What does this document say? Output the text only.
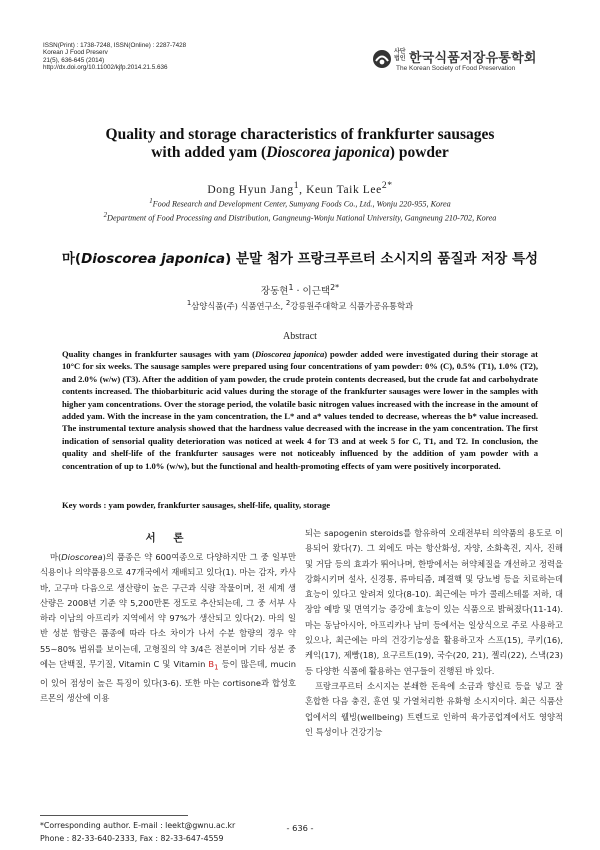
ISSN(Print) : 1738-7248, ISSN(Online) : 2287-7428
Korean J Food Preserv
21(5), 636-645 (2014)
http://dx.doi.org/10.11002/kjfp.2014.21.5.636
사단
법인 한국식품저장유통학회
The Korean Society of Food Preservation
Quality and storage characteristics of frankfurter sausages
with added yam (Dioscorea japonica) powder
Dong Hyun Jang$^1$, Keun Taik Lee$^{2*}$
$^1$Food Research and Development Center, Sumyang Foods Co., Ltd., Wonju 220-955, Korea
$^2$Department of Food Processing and Distribution, Gangneung-Wonju National University, Gangneung 210-702, Korea
마(Dioscorea japonica) 분말 첨가 프랑크푸르터 소시지의 품질과 저장 특성
장동현$^1$ · 이근택$^{2*}$
$^1$삼양식품(주) 식품연구소, $^2$강릉원주대학교 식품가공유통학과
Abstract
Quality changes in frankfurter sausages with yam (Dioscorea japonica) powder added were investigated during their storage at 10°C for six weeks. The sausage samples were prepared using four concentrations of yam powder: 0% (C), 0.5% (T1), 1.0% (T2), and 2.0% (w/w) (T3). After the addition of yam powder, the crude protein contents decreased, but the crude fat and carbohydrate contents increased. The thiobarbituric acid values during the storage of the frankfurter sausages were lower in the samples with higher yam concentrations. Over the storage period, the volatile basic nitrogen values increased with the increase in the amount of added yam. With the increase in the yam concentration, the L* and a* values tended to decrease, whereas the b* value increased. The instrumental texture analysis showed that the hardness value decreased with the increase in the yam concentration. The first indication of sensorial quality deterioration was noticed at week 4 for T3 and at week 5 for C, T1, and T2. In conclusion, the quality and shelf-life of the frankfurter sausages were not noticeably influenced by the addition of yam powder with a concentration of up to 1.0% (w/w), but the functional and health-promoting effects of yam were positively incorporated.
Key words : yam powder, frankfurter sausages, shelf-life, quality, storage
서 론
마(Dioscorea)의 품종은 약 600여종으로 다양하지만 그 중 일부만 식용이나 의약품용으로 47개국에서 재배되고 있다(1). 마는 감자, 카사바, 고구마 다음으로 생산량이 높은 구근과 식량 작물이며, 전 세계 생산량은 2008년 기준 약 5,200만톤 정도로 추산되는데, 그 중 서부 사하라 이남의 아프리카 지역에서 약 97%가 생산되고 있다(2). 마의 일반 성분 함량은 품종에 따라 다소 차이가 나서 수분 함량의 경우 약 55~80% 범위를 보이는데, 고형질의 약 3/4은 전분이며 기타 성분 중에는 단백질, 무기질, Vitamin C 및 Vitamin $B_1$ 등이 많은데, mucin이 있어 점성이 높은 특징이 있다(3-6). 또한 마는 cortisone과 합성호르몬의 생산에 이용

되는 sapogenin steroids를 함유하여 오래전부터 의약품의 용도로 이용되어 왔다(7). 그 외에도 마는 항산화성, 자양, 소화촉진, 지사, 진해 및 거담 등의 효과가 뛰어나며, 한방에서는 허약체질을 개선하고 정력을 강화시키며 설사, 신경통, 류마티즘, 폐결핵 및 당뇨병 등을 치료하는데 효능이 있다고 알려져 있다(8-10). 최근에는 마가 콜레스테롤 저하, 대장암 예방 및 면역기능 증강에 효능이 있는 식품으로 밝혀졌다(11-14). 마는 동남아시아, 아프리카나 남미 등에서는 일상식으로 주로 사용하고 있으나, 최근에는 마의 건강기능성을 활용하고자 스프(15), 쿠키(16), 케익(17), 제빵(18), 요구르트(19), 국수(20, 21), 젤리(22), 스낵(23) 등 다양한 식품에 활용하는 연구들이 진행된 바 있다.

프랑크푸르터 소시지는 분쇄한 돈육에 소금과 향신료 등을 넣고 잘 혼합한 다음 충진, 훈연 및 가열처리한 유화형 소시지이다. 최근 식품산업에서의 웰빙(wellbeing) 트렌드로 인하여 육가공업계에서도 영양적인 특성이나 건강기능

*Corresponding author. E-mail : leekt@gwnu.ac.kr
Phone : 82-33-640-2333, Fax : 82-33-647-4559
- 636 -
